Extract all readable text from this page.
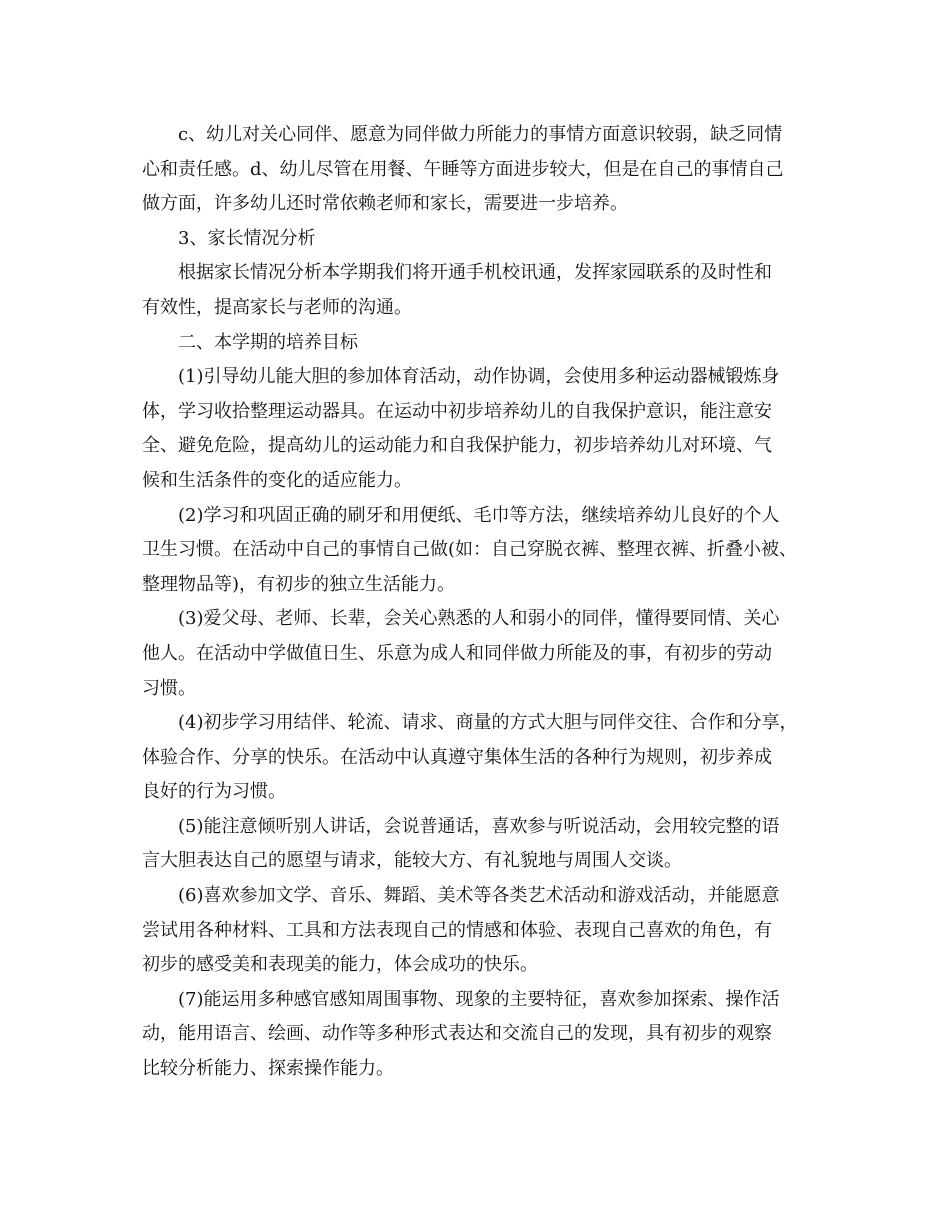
c、幼儿对关心同伴、愿意为同伴做力所能力的事情方面意识较弱，缺乏同情
心和责任感。d、幼儿尽管在用餐、午睡等方面进步较大，但是在自己的事情自己
做方面，许多幼儿还时常依赖老师和家长，需要进一步培养。
3、家长情况分析
根据家长情况分析本学期我们将开通手机校讯通，发挥家园联系的及时性和
有效性，提高家长与老师的沟通。
二、本学期的培养目标
(1)引导幼儿能大胆的参加体育活动，动作协调，会使用多种运动器械锻炼身
体，学习收拾整理运动器具。在运动中初步培养幼儿的自我保护意识，能注意安
全、避免危险，提高幼儿的运动能力和自我保护能力，初步培养幼儿对环境、气
候和生活条件的变化的适应能力。
(2)学习和巩固正确的刷牙和用便纸、毛巾等方法，继续培养幼儿良好的个人
卫生习惯。在活动中自己的事情自己做(如：自己穿脱衣裤、整理衣裤、折叠小被、
整理物品等)，有初步的独立生活能力。
(3)爱父母、老师、长辈，会关心熟悉的人和弱小的同伴，懂得要同情、关心
他人。在活动中学做值日生、乐意为成人和同伴做力所能及的事，有初步的劳动
习惯。
(4)初步学习用结伴、轮流、请求、商量的方式大胆与同伴交往、合作和分享，
体验合作、分享的快乐。在活动中认真遵守集体生活的各种行为规则，初步养成
良好的行为习惯。
(5)能注意倾听别人讲话，会说普通话，喜欢参与听说活动，会用较完整的语
言大胆表达自己的愿望与请求，能较大方、有礼貌地与周围人交谈。
(6)喜欢参加文学、音乐、舞蹈、美术等各类艺术活动和游戏活动，并能愿意
尝试用各种材料、工具和方法表现自己的情感和体验、表现自己喜欢的角色，有
初步的感受美和表现美的能力，体会成功的快乐。
(7)能运用多种感官感知周围事物、现象的主要特征，喜欢参加探索、操作活
动，能用语言、绘画、动作等多种形式表达和交流自己的发现，具有初步的观察
比较分析能力、探索操作能力。
